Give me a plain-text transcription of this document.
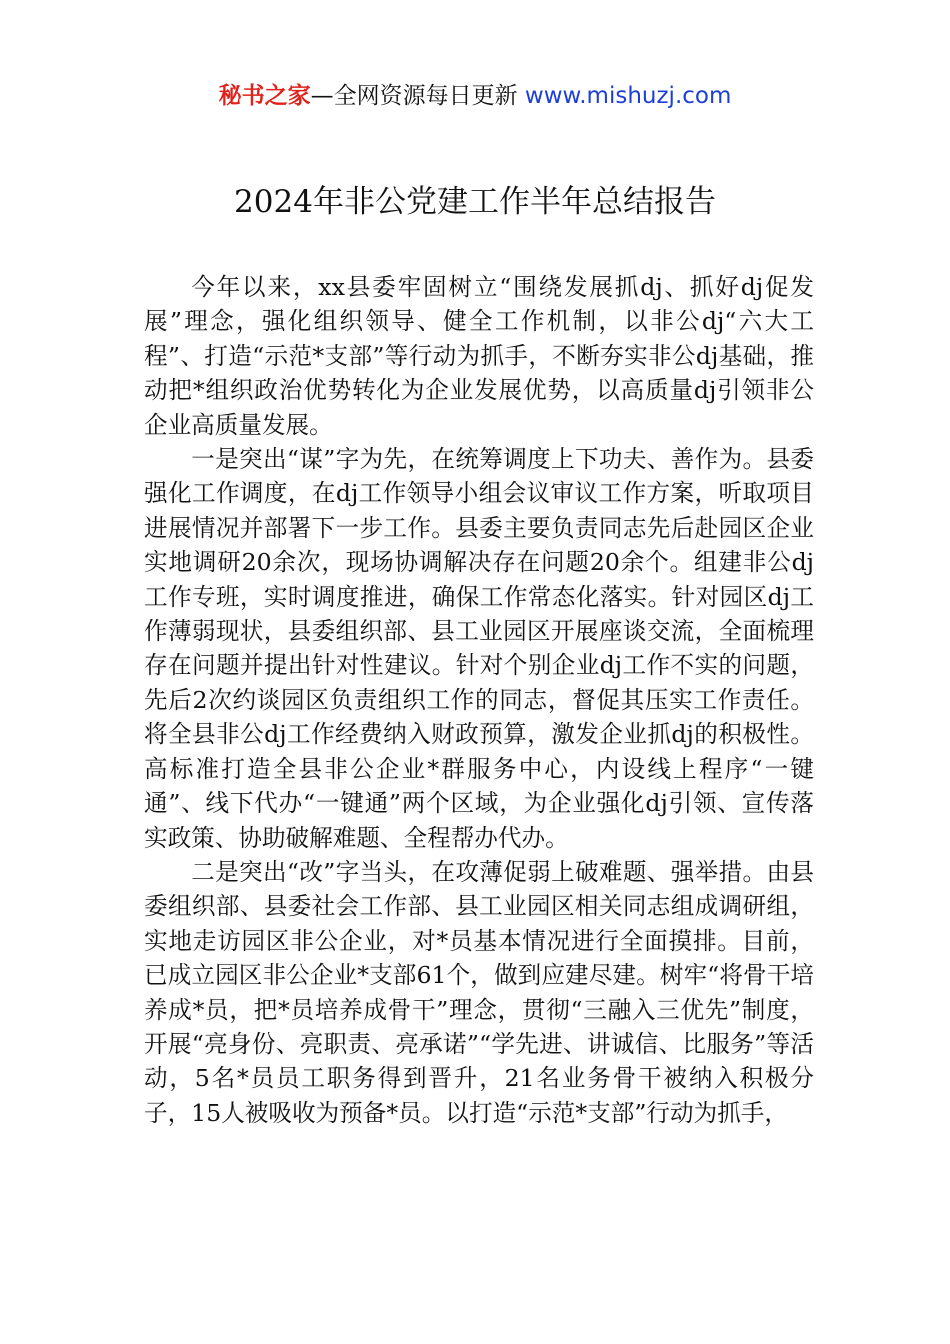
秘书之家—全网资源每日更新 www.mishuzj.com
2024年非公党建工作半年总结报告

今年以来，xx县委牢固树立“围绕发展抓dj、抓好dj促发展”理念，强化组织领导、健全工作机制，以非公dj“六大工程”、打造“示范*支部”等行动为抓手，不断夯实非公dj基础，推动把*组织政治优势转化为企业发展优势，以高质量dj引领非公企业高质量发展。

一是突出“谋”字为先，在统筹调度上下功夫、善作为。县委强化工作调度，在dj工作领导小组会议审议工作方案，听取项目进展情况并部署下一步工作。县委主要负责同志先后赴园区企业实地调研20余次，现场协调解决存在问题20余个。组建非公dj工作专班，实时调度推进，确保工作常态化落实。针对园区dj工作薄弱现状，县委组织部、县工业园区开展座谈交流，全面梳理存在问题并提出针对性建议。针对个别企业dj工作不实的问题，先后2次约谈园区负责组织工作的同志，督促其压实工作责任。将全县非公dj工作经费纳入财政预算，激发企业抓dj的积极性。高标准打造全县非公企业*群服务中心，内设线上程序“一键通”、线下代办“一键通”两个区域，为企业强化dj引领、宣传落实政策、协助破解难题、全程帮办代办。

二是突出“改”字当头，在攻薄促弱上破难题、强举措。由县委组织部、县委社会工作部、县工业园区相关同志组成调研组，实地走访园区非公企业，对*员基本情况进行全面摸排。目前，已成立园区非公企业*支部61个，做到应建尽建。树牢“将骨干培养成*员，把*员培养成骨干”理念，贯彻“三融入三优先”制度，开展“亮身份、亮职责、亮承诺”“学先进、讲诚信、比服务”等活动，5名*员员工职务得到晋升，21名业务骨干被纳入积极分子，15人被吸收为预备*员。以打造“示范*支部”行动为抓手，
